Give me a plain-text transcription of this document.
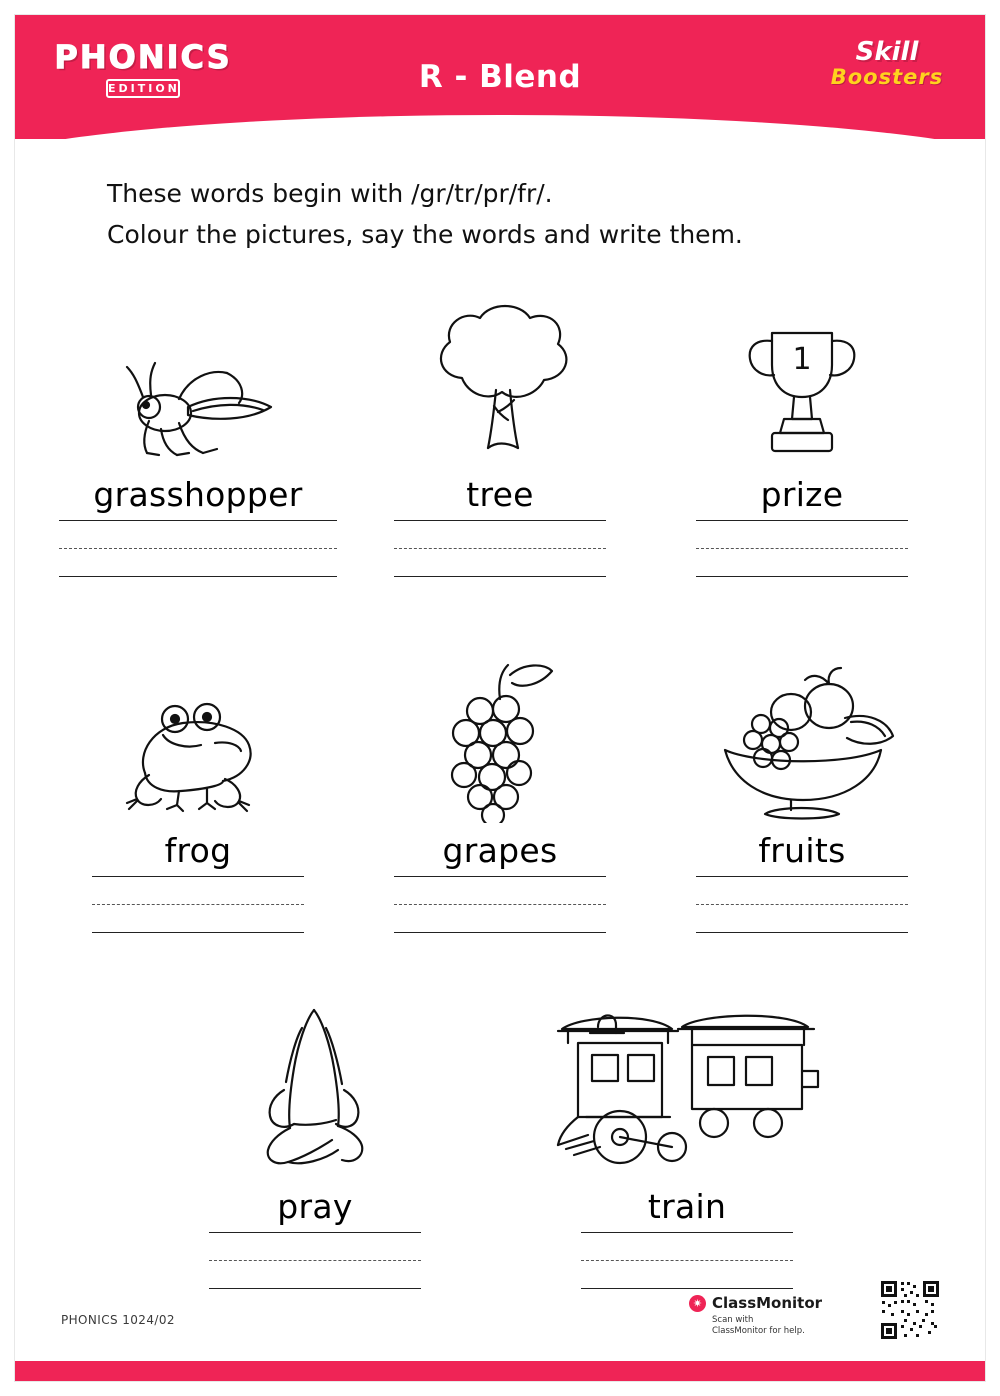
PHONICS
EDITION	R - Blend
Skill
Boosters
These words begin with /gr/tr/pr/fr/.
Colour the pictures, say the words and write them.
grasshopper	tree
1
prize
frog	grapes	fruits
pray	train
PHONICS 1024/02
✷ ClassMonitor
Scan with
ClassMonitor for help.
